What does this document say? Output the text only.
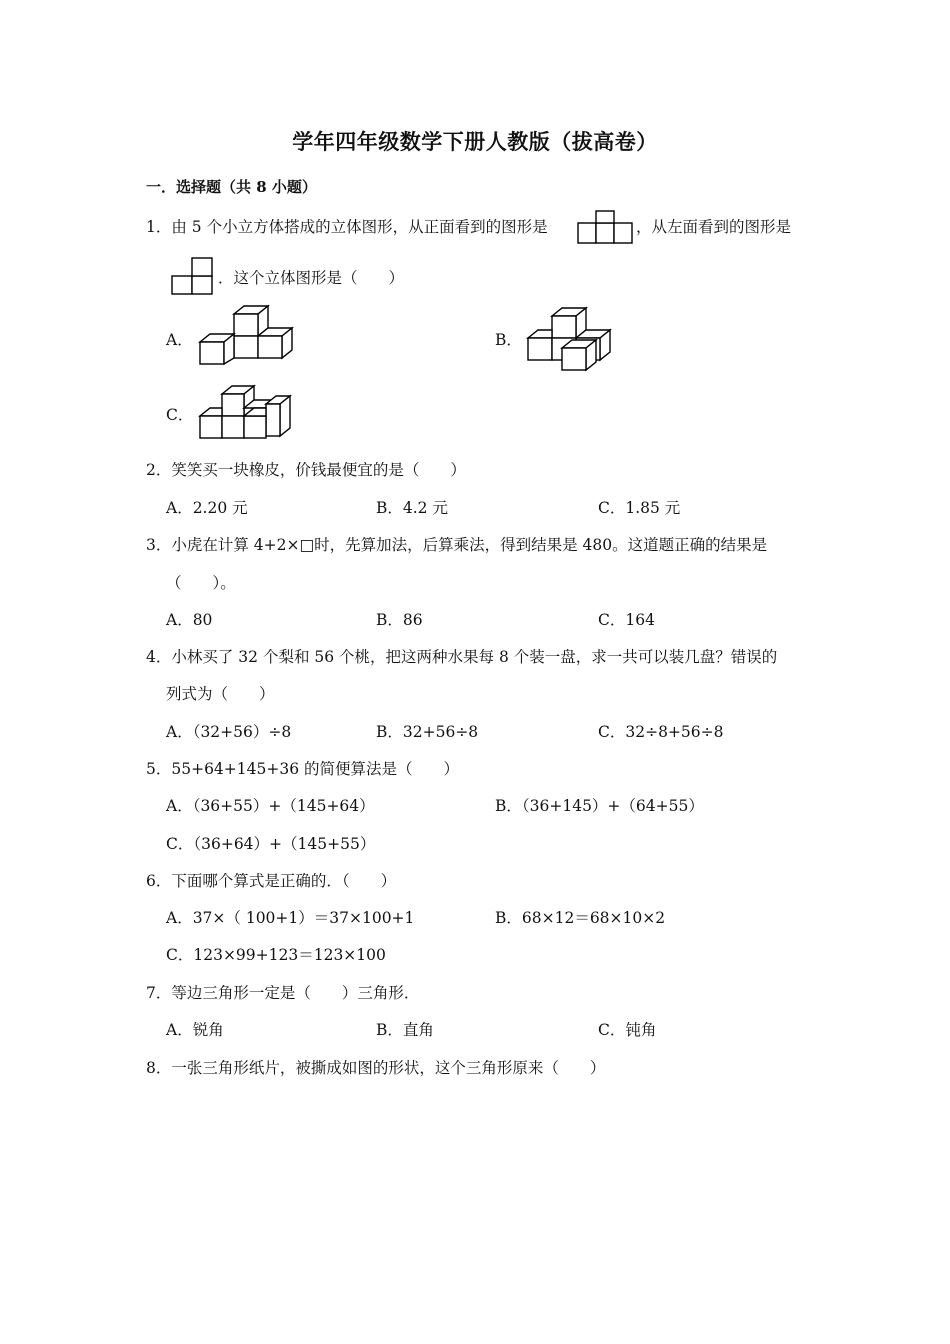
学年四年级数学下册人教版（拔高卷）
一．选择题（共 8 小题）
1．由 5 个小立方体搭成的立体图形，从正面看到的图形是	，从左面看到的图形是
．这个立体图形是（　　）
A．	B．
C．
2．笑笑买一块橡皮，价钱最便宜的是（　　）
A．2.20 元	B．4.2 元	C．1.85 元
3．小虎在计算 4+2×□时，先算加法，后算乘法，得到结果是 480。这道题正确的结果是
（　　）。
A．80	B．86	C．164
4．小林买了 32 个梨和 56 个桃，把这两种水果每 8 个装一盘，求一共可以装几盘？错误的
列式为（　　）
A．（32+56）÷8	B．32+56÷8	C．32÷8+56÷8
5．55+64+145+36 的简便算法是（　　）
A．（36+55）+（145+64）	B．（36+145）+（64+55）
C．（36+64）+（145+55）
6．下面哪个算式是正确的．（　　）
A．37×（ 100+1）＝37×100+1	B．68×12＝68×10×2
C．123×99+123＝123×100
7．等边三角形一定是（　　）三角形．
A．锐角	B．直角	C．钝角
8．一张三角形纸片，被撕成如图的形状，这个三角形原来（　　）
